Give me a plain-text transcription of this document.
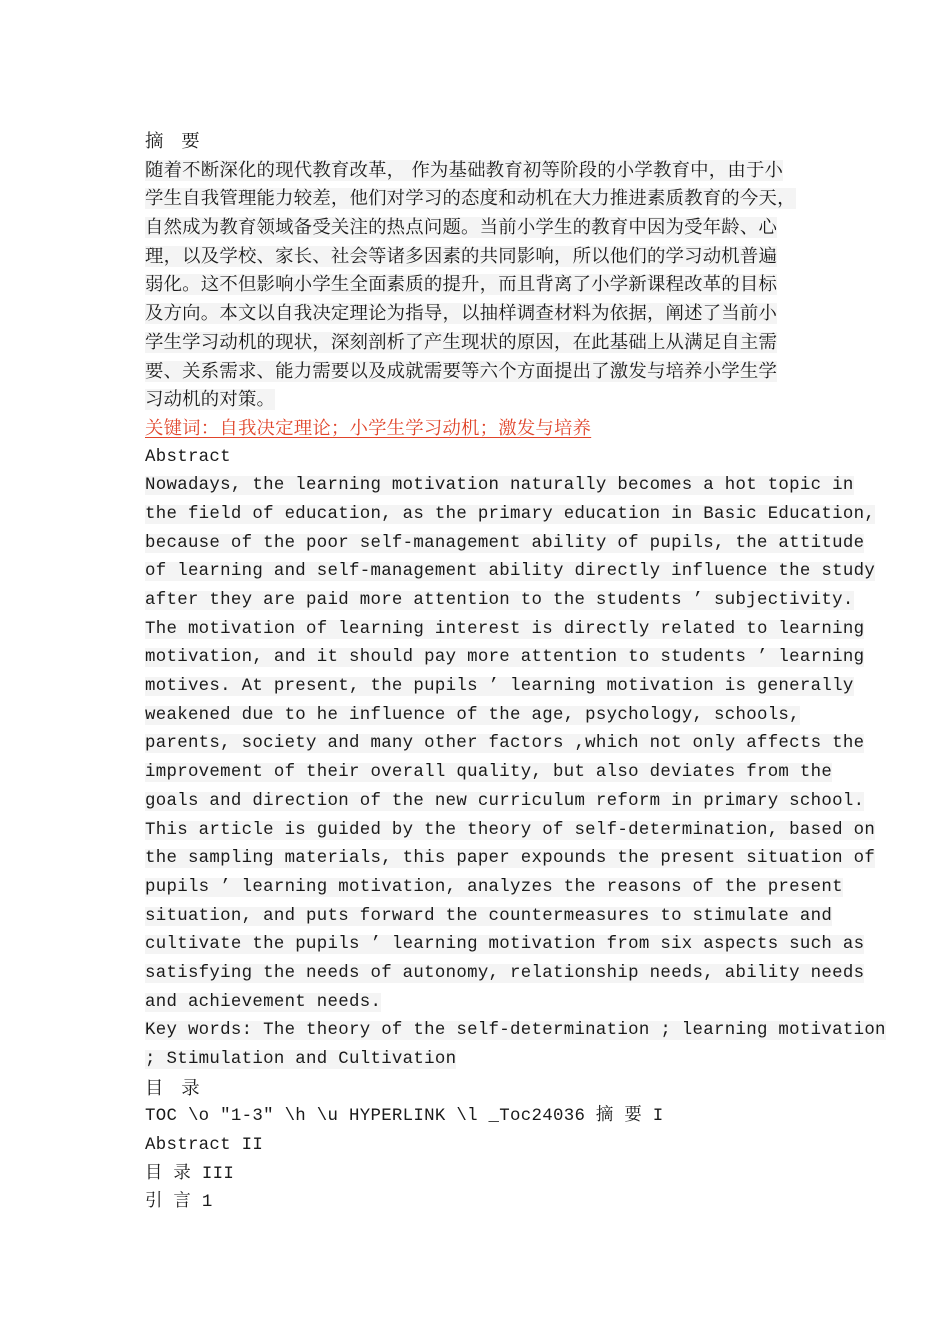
摘 要
随着不断深化的现代教育改革， 作为基础教育初等阶段的小学教育中，由于小
学生自我管理能力较差，他们对学习的态度和动机在大力推进素质教育的今天，
自然成为教育领域备受关注的热点问题。当前小学生的教育中因为受年龄、心
理，以及学校、家长、社会等诸多因素的共同影响，所以他们的学习动机普遍
弱化。这不但影响小学生全面素质的提升，而且背离了小学新课程改革的目标
及方向。本文以自我决定理论为指导，以抽样调查材料为依据，阐述了当前小
学生学习动机的现状，深刻剖析了产生现状的原因，在此基础上从满足自主需
要、关系需求、能力需要以及成就需要等六个方面提出了激发与培养小学生学
习动机的对策。
关键词：自我决定理论；小学生学习动机；激发与培养
Abstract
Nowadays, the learning motivation naturally becomes a hot topic in
the field of education, as the primary education in Basic Education,
because of the poor self-management ability of pupils, the attitude
of learning and self-management ability directly influence the study
after they are paid more attention to the students ’ subjectivity.
The motivation of learning interest is directly related to learning
motivation, and it should pay more attention to students ’ learning
motives. At present, the pupils ’ learning motivation is generally
weakened due to he influence of the age, psychology, schools,
parents, society and many other factors ,which not only affects the
improvement of their overall quality, but also deviates from the
goals and direction of the new curriculum reform in primary school.
This article is guided by the theory of self-determination, based on
the sampling materials, this paper expounds the present situation of
pupils ’ learning motivation, analyzes the reasons of the present
situation, and puts forward the countermeasures to stimulate and
cultivate the pupils ’ learning motivation from six aspects such as
satisfying the needs of autonomy, relationship needs, ability needs
and achievement needs.
Key words: The theory of the self-determination ; learning motivation
; Stimulation and Cultivation
目 录
TOC \o "1-3" \h \u HYPERLINK \l _Toc24036 摘 要 I
Abstract II
目 录 III
引 言 1
